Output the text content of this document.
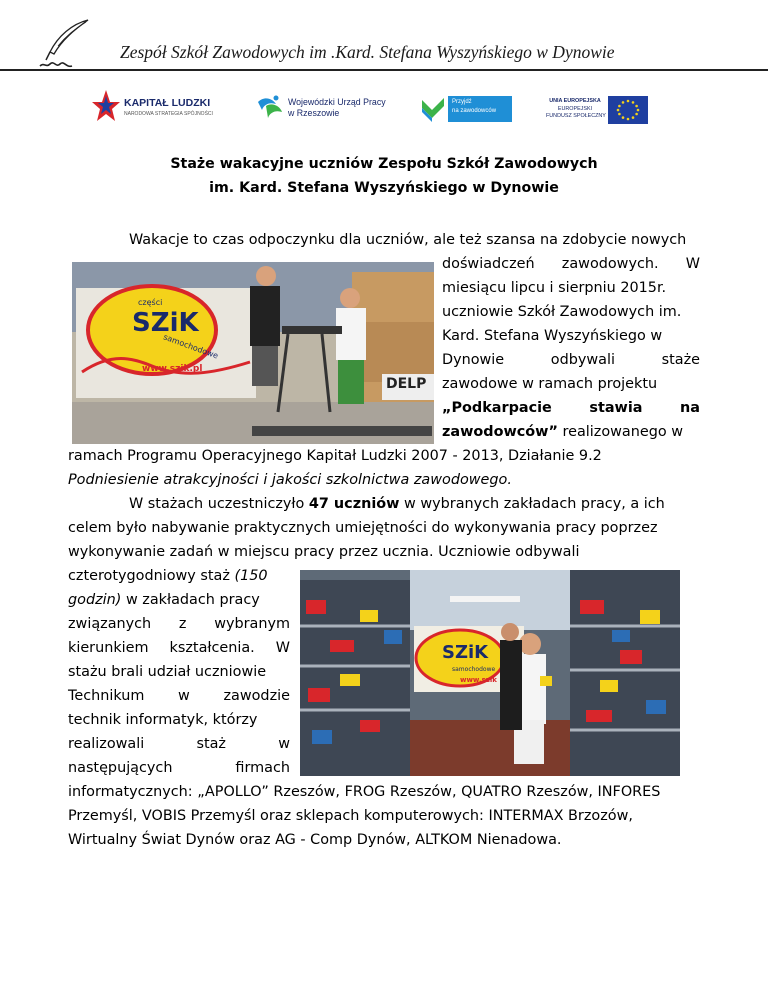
Zespół Szkół Zawodowych im .Kard. Stefana Wyszyńskiego w Dynowie
KAPITAŁ LUDZKI
NARODOWA STRATEGIA SPÓJNOŚCI
Wojewódzki Urząd Pracy
w Rzeszowie
Przyjdź
na zawodowców
UNIA EUROPEJSKA
EUROPEJSKI
FUNDUSZ SPOŁECZNY
Staże wakacyjne uczniów Zespołu Szkół Zawodowych
im. Kard. Stefana Wyszyńskiego w Dynowie
SZiK
części
samochodowe
www.szik.pl
DELP
SZiK
samochodowe
www.szik
Wakacje to czas odpoczynku dla uczniów, ale też szansa na zdobycie nowych
doświadczeń zawodowych. W
miesiącu lipcu i sierpniu 2015r.
uczniowie Szkół Zawodowych im.
Kard. Stefana Wyszyńskiego w
Dynowie	odbywali	staże
zawodowe w ramach projektu
„Podkarpacie	stawia	na
zawodowców” realizowanego w
ramach Programu Operacyjnego Kapitał Ludzki 2007 - 2013, Działanie 9.2
Podniesienie atrakcyjności i jakości szkolnictwa zawodowego.
W stażach uczestniczyło 47 uczniów w wybranych zakładach pracy, a ich
celem było nabywanie praktycznych umiejętności do wykonywania pracy poprzez
wykonywanie zadań w miejscu pracy przez ucznia. Uczniowie odbywali
czterotygodniowy staż (150
godzin) w zakładach pracy
związanych z wybranym
kierunkiem kształcenia. W
stażu brali udział uczniowie
Technikum w zawodzie
technik informatyk, którzy
realizowali	staż	w
następujących	firmach
informatycznych: „APOLLO” Rzeszów, FROG Rzeszów, QUATRO Rzeszów, INFORES
Przemyśl, VOBIS Przemyśl oraz sklepach komputerowych: INTERMAX Brzozów,
Wirtualny Świat Dynów oraz AG - Comp Dynów, ALTKOM Nienadowa.
